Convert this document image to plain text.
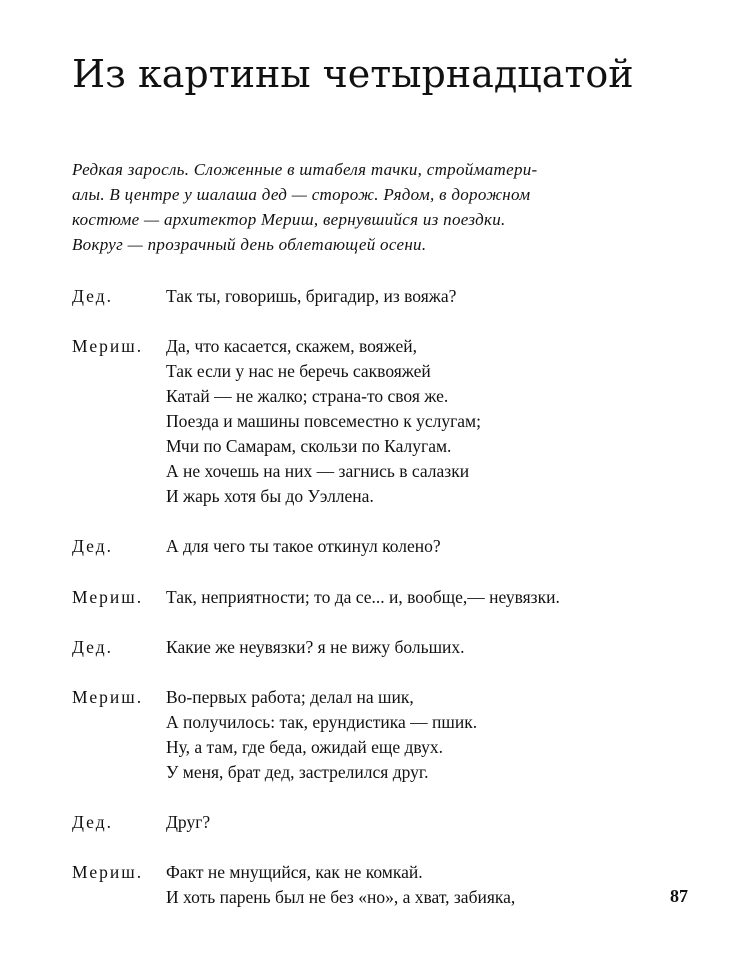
Из картины четырнадцатой
Редкая заросль. Сложенные в штабеля тачки, стройматери-
алы. В центре у шалаша дед — сторож. Рядом, в дорожном
костюме — архитектор Мериш, вернувшийся из поездки.
Вокруг — прозрачный день облетающей осени.
Дед.	Так ты, говоришь, бригадир, из вояжа?
Мериш. Да, что касается, скажем, вояжей,
Так если у нас не беречь саквояжей
Катай — не жалко; страна-то своя же.
Поезда и машины повсеместно к услугам;
Мчи по Самарам, скользи по Калугам.
А не хочешь на них — загнись в салазки
И жарь хотя бы до Уэллена.
Дед.	А для чего ты такое откинул колено?
Мериш. Так, неприятности; то да се... и, вообще,— неувязки.
Дед.	Какие же неувязки? я не вижу больших.
Мериш. Во-первых работа; делал на шик,
А получилось: так, ерундистика — пшик.
Ну, а там, где беда, ожидай еще двух.
У меня, брат дед, застрелился друг.
Дед.	Друг?
Мериш. Факт не мнущийся, как не комкай.
И хоть парень был не без «но», а хват, забияка,	87
